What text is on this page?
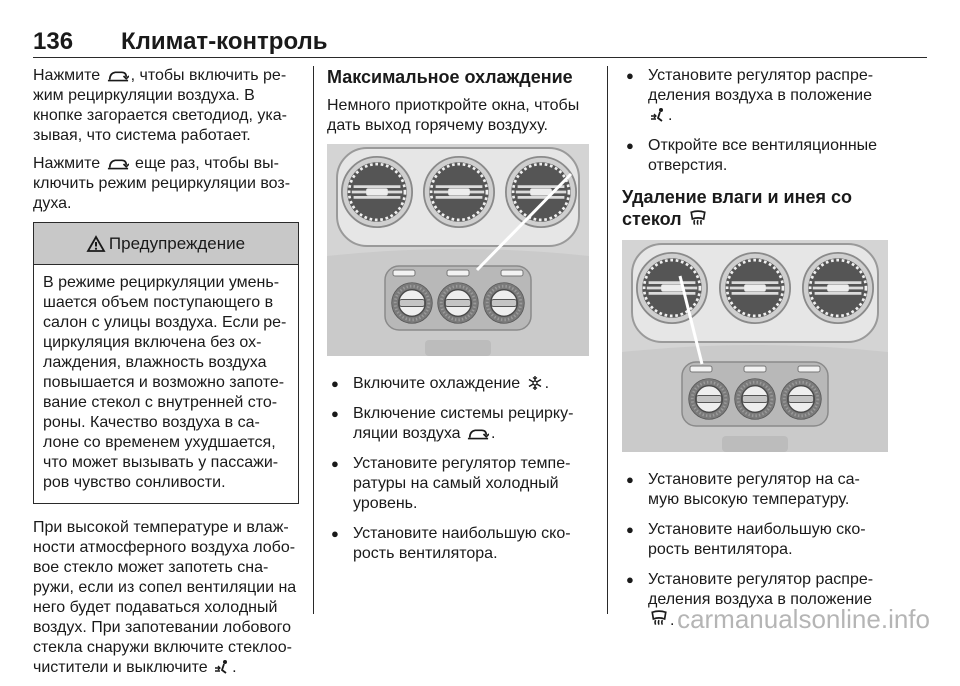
136 Климат-контроль

Нажмите , чтобы включить ре-
жим рециркуляции воздуха. В
кнопке загорается светодиод, ука-
зывая, что система работает.

Нажмите  еще раз, чтобы вы-
ключить режим рециркуляции воз-
духа.

Предупреждение
В режиме рециркуляции умень-
шается объем поступающего в
салон с улицы воздуха. Если ре-
циркуляция включена без ох-
лаждения, влажность воздуха
повышается и возможно запоте-
вание стекол с внутренней сто-
роны. Качество воздуха в са-
лоне со временем ухудшается,
что может вызывать у пассажи-
ров чувство сонливости.

При высокой температуре и влаж-
ности атмосферного воздуха лобо-
вое стекло может запотеть сна-
ружи, если из сопел вентиляции на
него будет подаваться холодный
воздух. При запотевании лобового
стекла снаружи включите стеклоо-
чистители и выключите .

Максимальное охлаждение

Немного приоткройте окна, чтобы
дать выход горячему воздуху.

● Включите охлаждение .
● Включение системы рецирку-
ляции воздуха .
● Установите регулятор темпе-
ратуры на самый холодный
уровень.
● Установите наибольшую ско-
рость вентилятора.
● Установите регулятор распре-
деления воздуха в положение
.
● Откройте все вентиляционные
отверстия.
Удаление влаги и инея со
стекол
● Установите регулятор на са-
мую высокую температуру.
● Установите наибольшую ско-
рость вентилятора.
● Установите регулятор распре-
деления воздуха в положение
. carmanualsonline.info
